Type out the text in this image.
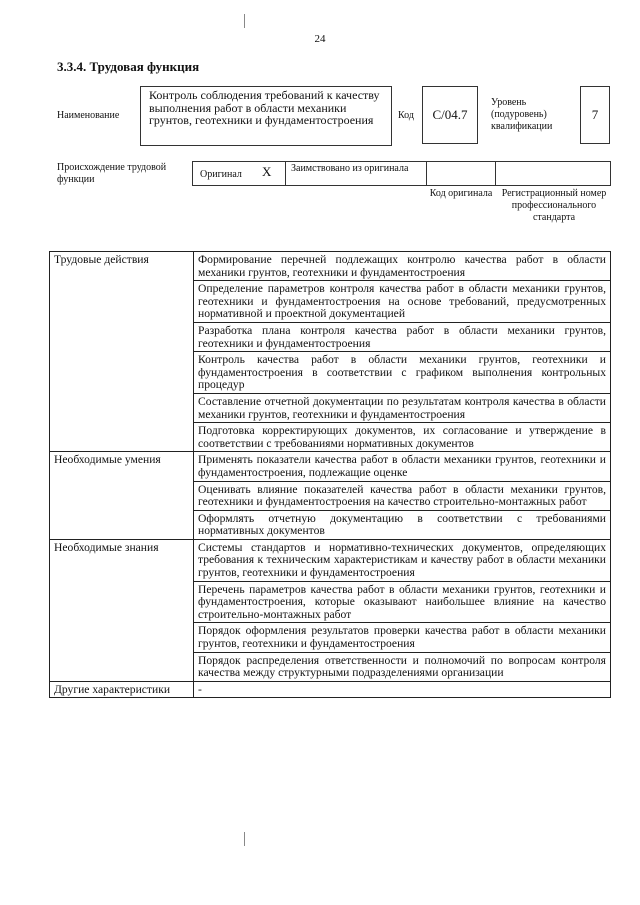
24
3.3.4. Трудовая функция
Наименование
Контроль соблюдения требований к качеству выполнения работ в области механики грунтов, геотехники и фундаментостроения	Код С/04.7
Уровень (подуровень) квалификации
7
Происхождение трудовой функции	Оригинал X Заимствовано из оригинала
Код оригинала Регистрационный номер профессионального стандарта
Трудовые действия	Формирование перечней подлежащих контролю качества работ в области механики грунтов, геотехники и фундаментостроения
	Определение параметров контроля качества работ в области механики грунтов, геотехники и фундаментостроения на основе требований, предусмотренных нормативной и проектной документацией
	Разработка плана контроля качества работ в области механики грунтов, геотехники и фундаментостроения
	Контроль качества работ в области механики грунтов, геотехники и фундаментостроения в соответствии с графиком выполнения контрольных процедур
	Составление отчетной документации по результатам контроля качества в области механики грунтов, геотехники и фундаментостроения
	Подготовка корректирующих документов, их согласование и утверждение в соответствии с требованиями нормативных документов
Необходимые умения	Применять показатели качества работ в области механики грунтов, геотехники и фундаментостроения, подлежащие оценке
	Оценивать влияние показателей качества работ в области механики грунтов, геотехники и фундаментостроения на качество строительно-монтажных работ
	Оформлять отчетную документацию в соответствии с требованиями нормативных документов
Необходимые знания	Системы стандартов и нормативно-технических документов, определяющих требования к техническим характеристикам и качеству работ в области механики грунтов, геотехники и фундаментостроения
	Перечень параметров качества работ в области механики грунтов, геотехники и фундаментостроения, которые оказывают наибольшее влияние на качество строительно-монтажных работ
	Порядок оформления результатов проверки качества работ в области механики грунтов, геотехники и фундаментостроения
	Порядок распределения ответственности и полномочий по вопросам контроля качества между структурными подразделениями организации
Другие характеристики	-
